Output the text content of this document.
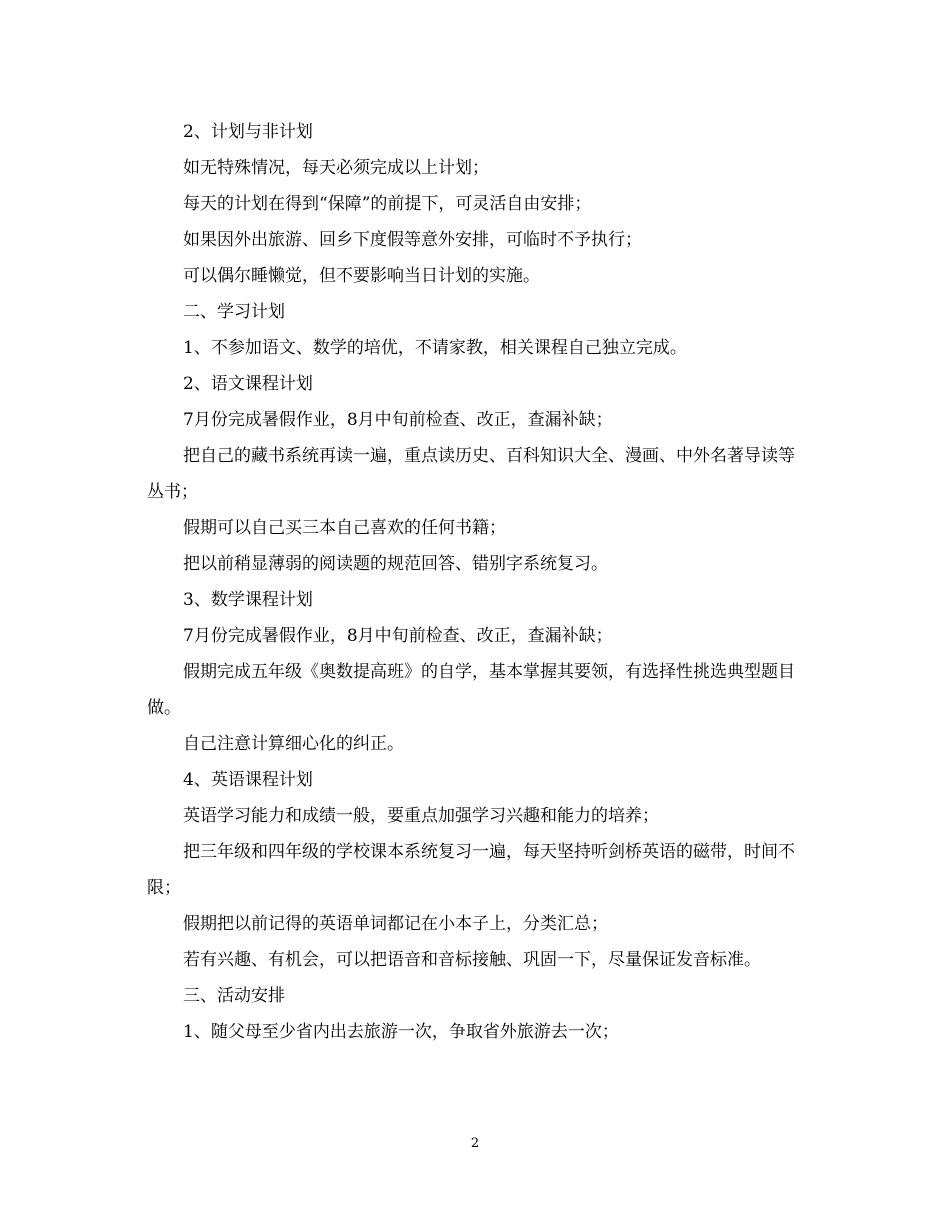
2、计划与非计划

如无特殊情况，每天必须完成以上计划；

每天的计划在得到“保障”的前提下，可灵活自由安排；

如果因外出旅游、回乡下度假等意外安排，可临时不予执行；

可以偶尔睡懒觉，但不要影响当日计划的实施。

二、学习计划

1、不参加语文、数学的培优，不请家教，相关课程自己独立完成。

2、语文课程计划

7月份完成暑假作业，8月中旬前检查、改正，查漏补缺；

把自己的藏书系统再读一遍，重点读历史、百科知识大全、漫画、中外名著导读等丛书；

假期可以自己买三本自己喜欢的任何书籍；

把以前稍显薄弱的阅读题的规范回答、错别字系统复习。

3、数学课程计划

7月份完成暑假作业，8月中旬前检查、改正，查漏补缺；

假期完成五年级《奥数提高班》的自学，基本掌握其要领，有选择性挑选典型题目做。

自己注意计算细心化的纠正。

4、英语课程计划

英语学习能力和成绩一般，要重点加强学习兴趣和能力的培养；

把三年级和四年级的学校课本系统复习一遍，每天坚持听剑桥英语的磁带，时间不限；

假期把以前记得的英语单词都记在小本子上，分类汇总；

若有兴趣、有机会，可以把语音和音标接触、巩固一下，尽量保证发音标准。

三、活动安排

1、随父母至少省内出去旅游一次，争取省外旅游去一次；

2
